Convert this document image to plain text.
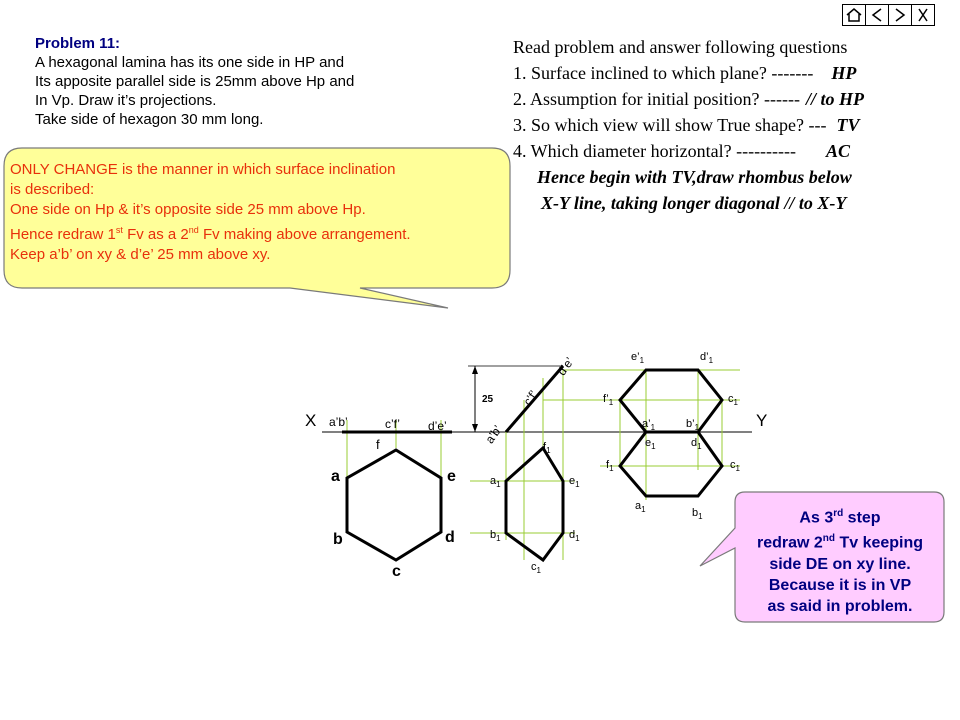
Problem 11:
A hexagonal lamina has its one side in HP and
Its apposite parallel side is 25mm above Hp and
In Vp. Draw it’s projections.
Take side of hexagon 30 mm long.
Read problem and answer following questions
1. Surface inclined to which plane? ------- HP
2. Assumption for initial position? ------ // to HP
3. So which view will show True shape? --- TV
4. Which diameter horizontal? ---------- AC
Hence begin with TV,draw rhombus below
X-Y line, taking longer diagonal // to X-Y
ONLY CHANGE is the manner in which surface inclination
is described:
One side on Hp & it’s opposite side 25 mm above Hp.
Hence redraw 1st Fv as a 2nd Fv making above arrangement.
Keep a’b’ on xy & d’e’ 25 mm above xy.
As 3rd step
redraw 2nd Tv keeping
side DE on xy line.
Because it is in VP
as said in problem.
X	Y
25
a’b’	c’f’ d’e’
f
a	e
b	d
c
a’b’
c’f’
d’e’
$f_1$
$a_1$	$e_1$
$b_1$	$d_1$
$c_1$
$e’_1$	$d’_1$
$f’_1$	$c_1$
$a’_1$	$b’_1$
$e_1$	$d_1$
$f_1$	$c_1$
$a_1$	$b_1$
